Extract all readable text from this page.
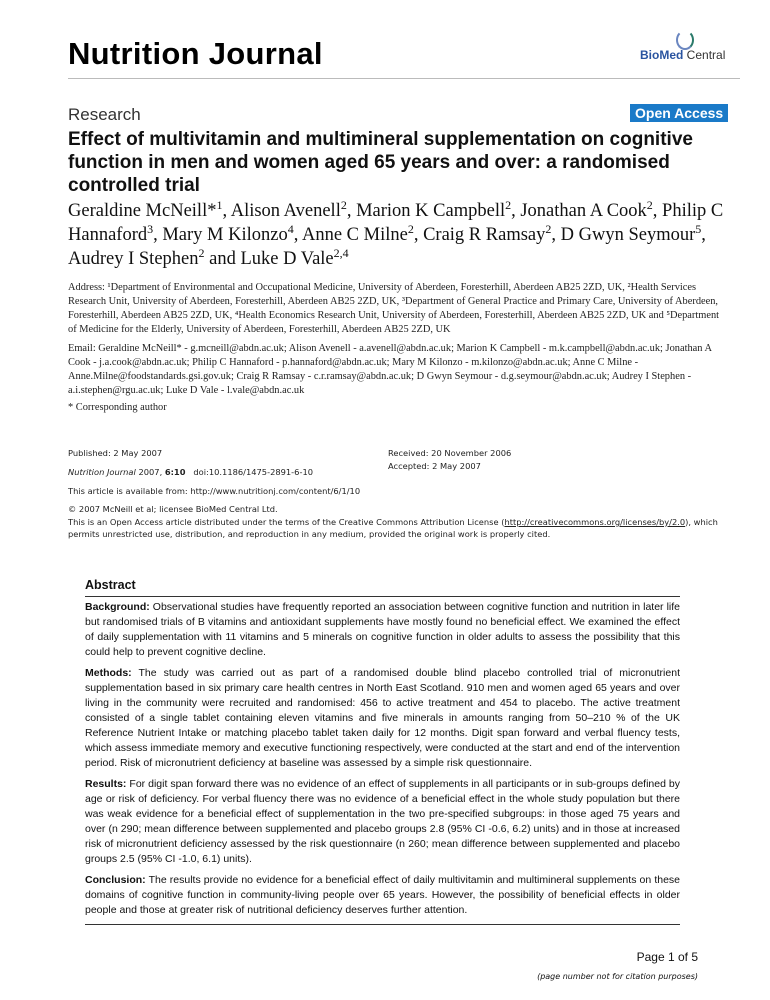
Nutrition Journal	BioMed Central
Open Access
Research
Effect of multivitamin and multimineral supplementation on cognitive function in men and women aged 65 years and over: a randomised controlled trial
Geraldine McNeill*$^1$, Alison Avenell$^2$, Marion K Campbell$^2$, Jonathan A Cook$^2$, Philip C Hannaford$^3$, Mary M Kilonzo$^4$, Anne C Milne$^2$, Craig R Ramsay$^2$, D Gwyn Seymour$^5$, Audrey I Stephen$^2$ and Luke D Vale$^{2,4}$
Address: ¹Department of Environmental and Occupational Medicine, University of Aberdeen, Foresterhill, Aberdeen AB25 2ZD, UK, ²Health Services Research Unit, University of Aberdeen, Foresterhill, Aberdeen AB25 2ZD, UK, ³Department of General Practice and Primary Care, University of Aberdeen, Foresterhill, Aberdeen AB25 2ZD, UK, ⁴Health Economics Research Unit, University of Aberdeen, Foresterhill, Aberdeen AB25 2ZD, UK and ⁵Department of Medicine for the Elderly, University of Aberdeen, Foresterhill, Aberdeen AB25 2ZD, UK
Email: Geraldine McNeill* - g.mcneill@abdn.ac.uk; Alison Avenell - a.avenell@abdn.ac.uk; Marion K Campbell - m.k.campbell@abdn.ac.uk; Jonathan A Cook - j.a.cook@abdn.ac.uk; Philip C Hannaford - p.hannaford@abdn.ac.uk; Mary M Kilonzo - m.kilonzo@abdn.ac.uk; Anne C Milne - Anne.Milne@foodstandards.gsi.gov.uk; Craig R Ramsay - c.r.ramsay@abdn.ac.uk; D Gwyn Seymour - d.g.seymour@abdn.ac.uk; Audrey I Stephen - a.i.stephen@rgu.ac.uk; Luke D Vale - l.vale@abdn.ac.uk
* Corresponding author
Published: 2 May 2007
Nutrition Journal 2007, 6:10 doi:10.1186/1475-2891-6-10
This article is available from: http://www.nutritionj.com/content/6/1/10
Received: 20 November 2006
Accepted: 2 May 2007
© 2007 McNeill et al; licensee BioMed Central Ltd.
This is an Open Access article distributed under the terms of the Creative Commons Attribution License (http://creativecommons.org/licenses/by/2.0), which permits unrestricted use, distribution, and reproduction in any medium, provided the original work is properly cited.
Abstract

Background: Observational studies have frequently reported an association between cognitive function and nutrition in later life but randomised trials of B vitamins and antioxidant supplements have mostly found no beneficial effect. We examined the effect of daily supplementation with 11 vitamins and 5 minerals on cognitive function in older adults to assess the possibility that this could help to prevent cognitive decline.

Methods: The study was carried out as part of a randomised double blind placebo controlled trial of micronutrient supplementation based in six primary care health centres in North East Scotland. 910 men and women aged 65 years and over living in the community were recruited and randomised: 456 to active treatment and 454 to placebo. The active treatment consisted of a single tablet containing eleven vitamins and five minerals in amounts ranging from 50–210 % of the UK Reference Nutrient Intake or matching placebo tablet taken daily for 12 months. Digit span forward and verbal fluency tests, which assess immediate memory and executive functioning respectively, were conducted at the start and end of the intervention period. Risk of micronutrient deficiency at baseline was assessed by a simple risk questionnaire.

Results: For digit span forward there was no evidence of an effect of supplements in all participants or in sub-groups defined by age or risk of deficiency. For verbal fluency there was no evidence of a beneficial effect in the whole study population but there was weak evidence for a beneficial effect of supplementation in the two pre-specified subgroups: in those aged 75 years and over (n 290; mean difference between supplemented and placebo groups 2.8 (95% CI -0.6, 6.2) units) and in those at increased risk of micronutrient deficiency assessed by the risk questionnaire (n 260; mean difference between supplemented and placebo groups 2.5 (95% CI -1.0, 6.1) units).

Conclusion: The results provide no evidence for a beneficial effect of daily multivitamin and multimineral supplements on these domains of cognitive function in community-living people over 65 years. However, the possibility of beneficial effects in older people and those at greater risk of nutritional deficiency deserves further attention.

Page 1 of 5
(page number not for citation purposes)
